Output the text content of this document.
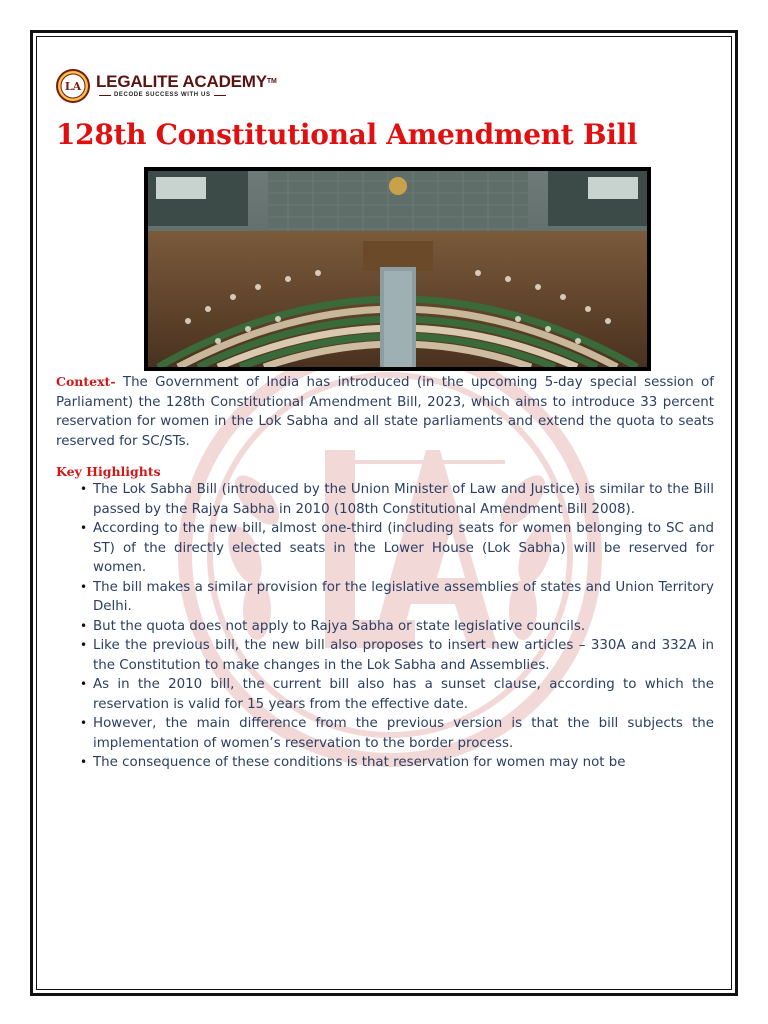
LA LEGALITE ACADEMY™
DECODE SUCCESS WITH US
128th Constitutional Amendment Bill

Context- The Government of India has introduced (in the upcoming 5-day special session of Parliament) the 128th Constitutional Amendment Bill, 2023, which aims to introduce 33 percent reservation for women in the Lok Sabha and all state parliaments and extend the quota to seats reserved for SC/STs.

Key Highlights
• The Lok Sabha Bill (introduced by the Union Minister of Law and Justice) is similar to the Bill passed by the Rajya Sabha in 2010 (108th Constitutional Amendment Bill 2008).
• According to the new bill, almost one-third (including seats for women belonging to SC and ST) of the directly elected seats in the Lower House (Lok Sabha) will be reserved for women.
• The bill makes a similar provision for the legislative assemblies of states and Union Territory Delhi.
• But the quota does not apply to Rajya Sabha or state legislative councils.
• Like the previous bill, the new bill also proposes to insert new articles – 330A and 332A in the Constitution to make changes in the Lok Sabha and Assemblies.
• As in the 2010 bill, the current bill also has a sunset clause, according to which the reservation is valid for 15 years from the effective date.
• However, the main difference from the previous version is that the bill subjects the implementation of women’s reservation to the border process.
• The consequence of these conditions is that reservation for women may not be
